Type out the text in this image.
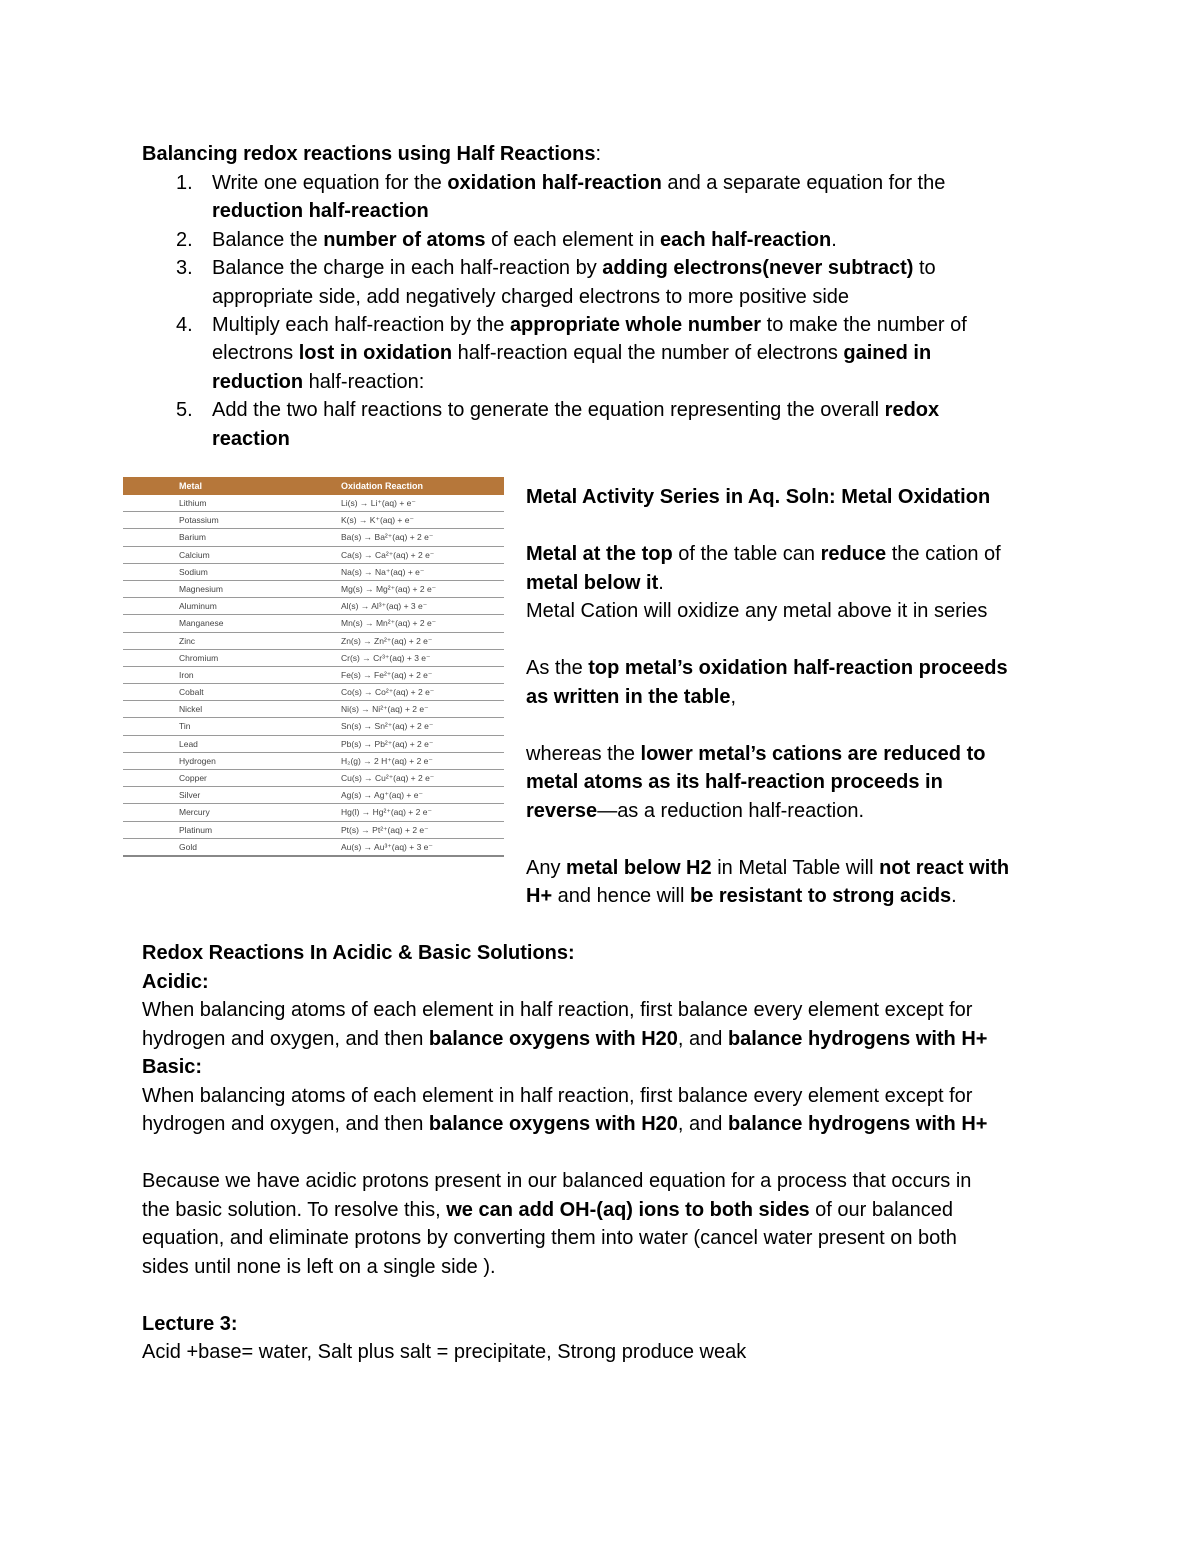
Balancing redox reactions using Half Reactions:
1. Write one equation for the oxidation half-reaction and a separate equation for the
reduction half-reaction
2. Balance the number of atoms of each element in each half-reaction.
3. Balance the charge in each half-reaction by adding electrons(never subtract) to
appropriate side, add negatively charged electrons to more positive side
4. Multiply each half-reaction by the appropriate whole number to make the number of
electrons lost in oxidation half-reaction equal the number of electrons gained in
reduction half-reaction:
5. Add the two half reactions to generate the equation representing the overall redox
reaction
Metal	Oxidation Reaction
Lithium	Li(s) → Li⁺(aq) + e⁻
Potassium	K(s) → K⁺(aq) + e⁻
Barium	Ba(s) → Ba²⁺(aq) + 2 e⁻
Calcium	Ca(s) → Ca²⁺(aq) + 2 e⁻
Sodium	Na(s) → Na⁺(aq) + e⁻
Magnesium	Mg(s) → Mg²⁺(aq) + 2 e⁻
Aluminum	Al(s) → Al³⁺(aq) + 3 e⁻
Manganese	Mn(s) → Mn²⁺(aq) + 2 e⁻
Zinc	Zn(s) → Zn²⁺(aq) + 2 e⁻
Chromium	Cr(s) → Cr³⁺(aq) + 3 e⁻
Iron	Fe(s) → Fe²⁺(aq) + 2 e⁻
Cobalt	Co(s) → Co²⁺(aq) + 2 e⁻
Nickel	Ni(s) → Ni²⁺(aq) + 2 e⁻
Tin	Sn(s) → Sn²⁺(aq) + 2 e⁻
Lead	Pb(s) → Pb²⁺(aq) + 2 e⁻
Hydrogen	H₂(g) → 2 H⁺(aq) + 2 e⁻
Copper	Cu(s) → Cu²⁺(aq) + 2 e⁻
Silver	Ag(s) → Ag⁺(aq) + e⁻
Mercury	Hg(l) → Hg²⁺(aq) + 2 e⁻
Platinum	Pt(s) → Pt²⁺(aq) + 2 e⁻
Gold	Au(s) → Au³⁺(aq) + 3 e⁻

Metal Activity Series in Aq. Soln: Metal Oxidation

Metal at the top of the table can reduce the cation of

metal below it.

Metal Cation will oxidize any metal above it in series

As the top metal’s oxidation half-reaction proceeds

as written in the table,

whereas the lower metal’s cations are reduced to

metal atoms as its half-reaction proceeds in

reverse—as a reduction half-reaction.

Any metal below H2 in Metal Table will not react with

H+ and hence will be resistant to strong acids.

Redox Reactions In Acidic & Basic Solutions:

Acidic:

When balancing atoms of each element in half reaction, first balance every element except for

hydrogen and oxygen, and then balance oxygens with H20, and balance hydrogens with H+

Basic:

When balancing atoms of each element in half reaction, first balance every element except for

hydrogen and oxygen, and then balance oxygens with H20, and balance hydrogens with H+

Because we have acidic protons present in our balanced equation for a process that occurs in

the basic solution. To resolve this, we can add OH-(aq) ions to both sides of our balanced

equation, and eliminate protons by converting them into water (cancel water present on both

sides until none is left on a single side ).

Lecture 3:

Acid +base= water, Salt plus salt = precipitate, Strong produce weak
